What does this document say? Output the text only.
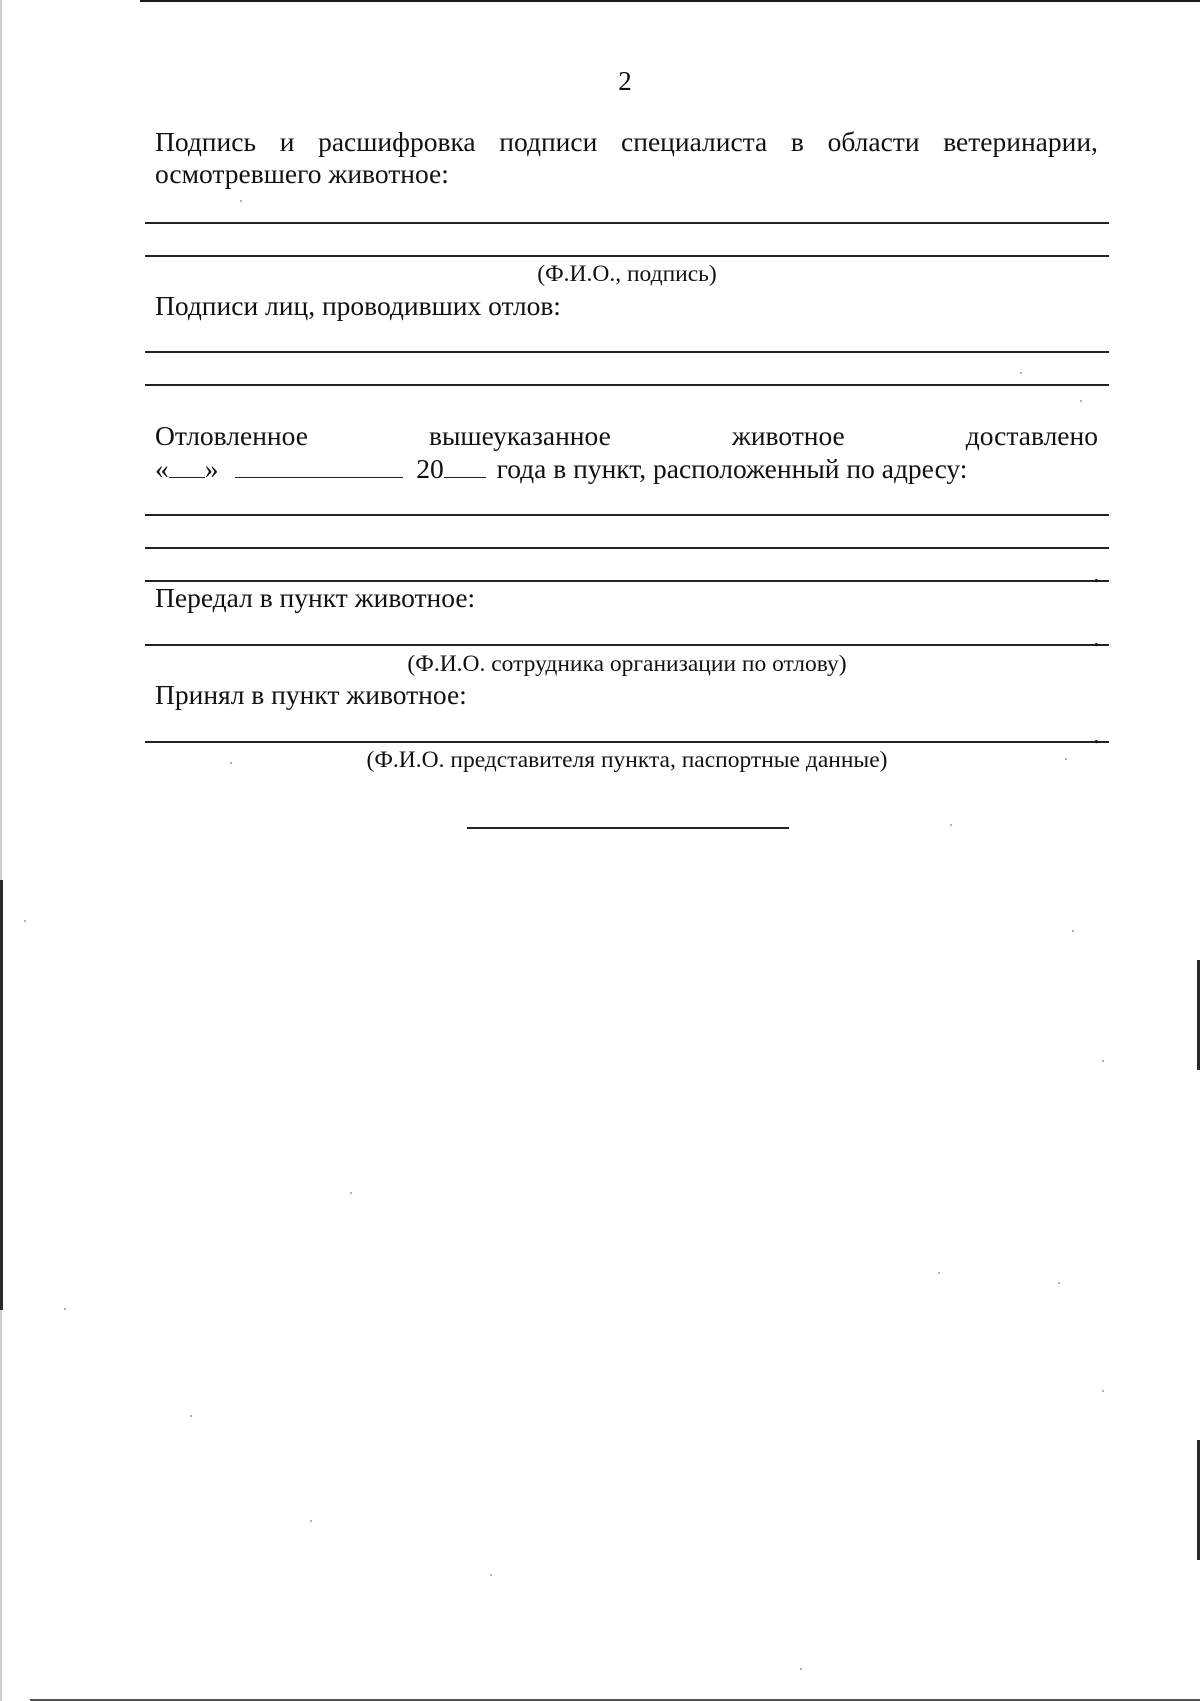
2
Подпись и расшифровка подписи специалиста в области ветеринарии,
осмотревшего животное:
(Ф.И.О., подпись)
Подписи лиц, проводивших отлов:
Отловленное	вышеуказанное	животное	доставлено
« »	20 года в пункт, расположенный по адресу:
.
Передал в пункт животное:
.
(Ф.И.О. сотрудника организации по отлову)
Принял в пункт животное:
.
(Ф.И.О. представителя пункта, паспортные данные)
